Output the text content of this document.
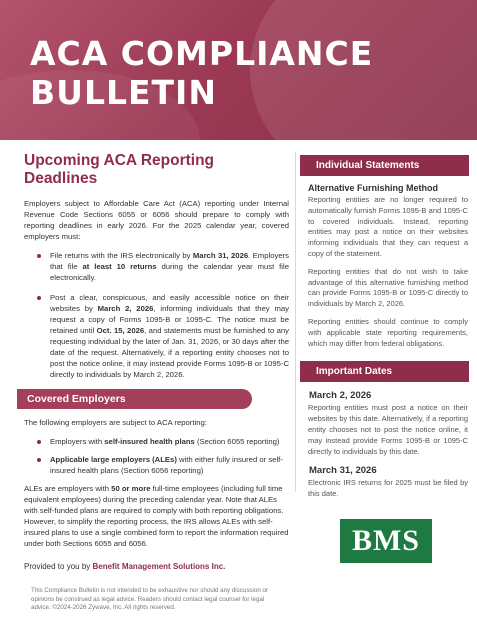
ACA COMPLIANCE
BULLETIN
Upcoming ACA Reporting Deadlines

Employers subject to Affordable Care Act (ACA) reporting under Internal Revenue Code Sections 6055 or 6056 should prepare to comply with reporting deadlines in early 2026. For the 2025 calendar year, covered employers must:

File returns with the IRS electronically by March 31, 2026. Employers that file at least 10 returns during the calendar year must file electronically.
Post a clear, conspicuous, and easily accessible notice on their websites by March 2, 2026, informing individuals that they may request a copy of Forms 1095-B or 1095-C. The notice must be retained until Oct. 15, 2026, and statements must be furnished to any requesting individual by the later of Jan. 31, 2026, or 30 days after the date of the request. Alternatively, if a reporting entity chooses not to post the notice online, it may instead provide Forms 1095-B or 1095-C directly to individuals by March 2, 2026.
Covered Employers

The following employers are subject to ACA reporting:

Employers with self-insured health plans (Section 6055 reporting)
Applicable large employers (ALEs) with either fully insured or self-insured health plans (Section 6056 reporting)

ALEs are employers with 50 or more full-time employees (including full time equivalent employees) during the preceding calendar year. Note that ALEs with self-funded plans are required to comply with both reporting obligations. However, to simplify the reporting process, the IRS allows ALEs with self-insured plans to use a single combined form to report the information required under both Sections 6055 and 6056.

Provided to you by Benefit Management Solutions Inc.

This Compliance Bulletin is not intended to be exhaustive nor should any discussion or opinions be construed as legal advice. Readers should contact legal counsel for legal advice. ©2024-2026 Zywave, Inc. All rights reserved.

Individual Statements
Alternative Furnishing Method

Reporting entities are no longer required to automatically furnish Forms 1095-B and 1095-C to covered individuals. Instead, reporting entities may post a notice on their websites informing individuals that they can request a copy of the statement.

Reporting entities that do not wish to take advantage of this alternative furnishing method can provide Forms 1095-B or 1095-C directly to individuals by March 2, 2026.

Reporting entities should continue to comply with applicable state reporting requirements, which may differ from federal obligations.

Important Dates
March 2, 2026

Reporting entities must post a notice on their websites by this date. Alternatively, if a reporting entity chooses not to post the notice online, it may instead provide Forms 1095-B or 1095-C directly to individuals by this date.

March 31, 2026

Electronic IRS returns for 2025 must be filed by this date.

BMS
